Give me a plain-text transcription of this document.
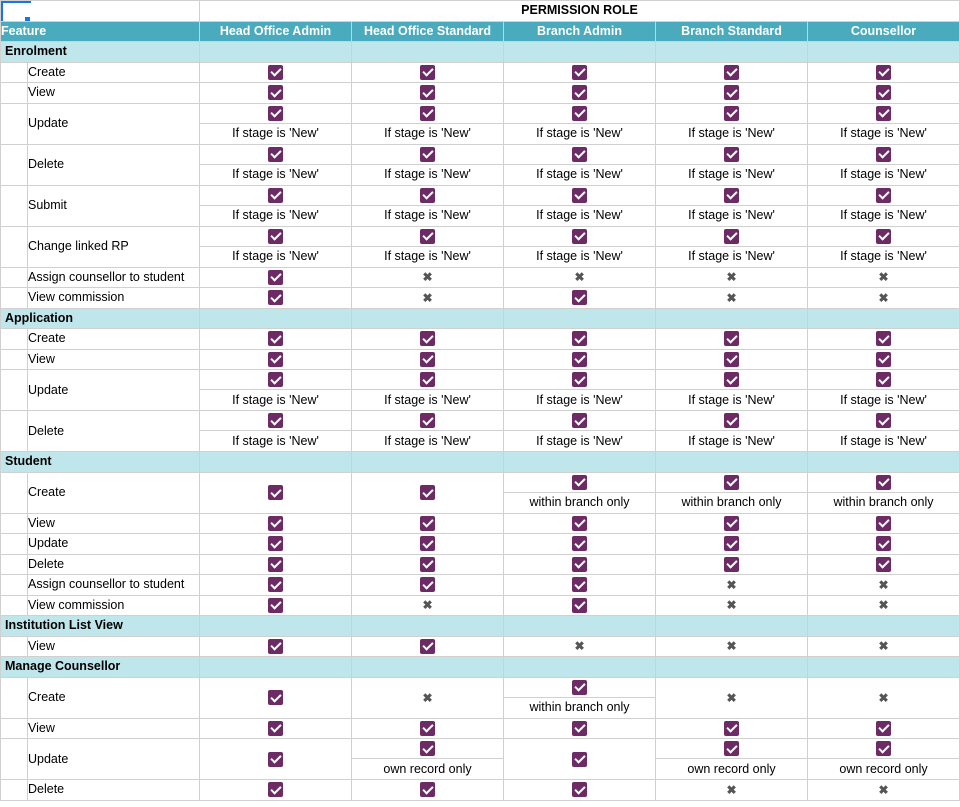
		PERMISSION ROLE				
Feature		Head Office Admin	Head Office Standard	Branch Admin	Branch Standard	Counsellor
Enrolment						
	Create					
	View					
	Update	If stage is 'New'	If stage is 'New'	If stage is 'New'	If stage is 'New'	If stage is 'New'

	Delete	If stage is 'New'	If stage is 'New'	If stage is 'New'	If stage is 'New'	If stage is 'New'

	Submit	If stage is 'New'	If stage is 'New'	If stage is 'New'	If stage is 'New'	If stage is 'New'

	Change linked RP	If stage is 'New'	If stage is 'New'	If stage is 'New'	If stage is 'New'	If stage is 'New'

	Assign counsellor to student		✖	✖	✖	✖
	View commission		✖		✖	✖
Application						
	Create					
	View					
	Update	If stage is 'New'	If stage is 'New'	If stage is 'New'	If stage is 'New'	If stage is 'New'

	Delete	If stage is 'New'	If stage is 'New'	If stage is 'New'	If stage is 'New'	If stage is 'New'

Student						
	Create			within branch only	within branch only	within branch only

	View					
	Update					
	Delete					
	Assign counsellor to student				✖	✖
	View commission		✖		✖	✖
Institution List View						
	View			✖	✖	✖
Manage Counsellor						
	Create		✖	within branch only	✖	✖
	View					
	Update		own record only		own record only	own record only

	Delete				✖	✖
